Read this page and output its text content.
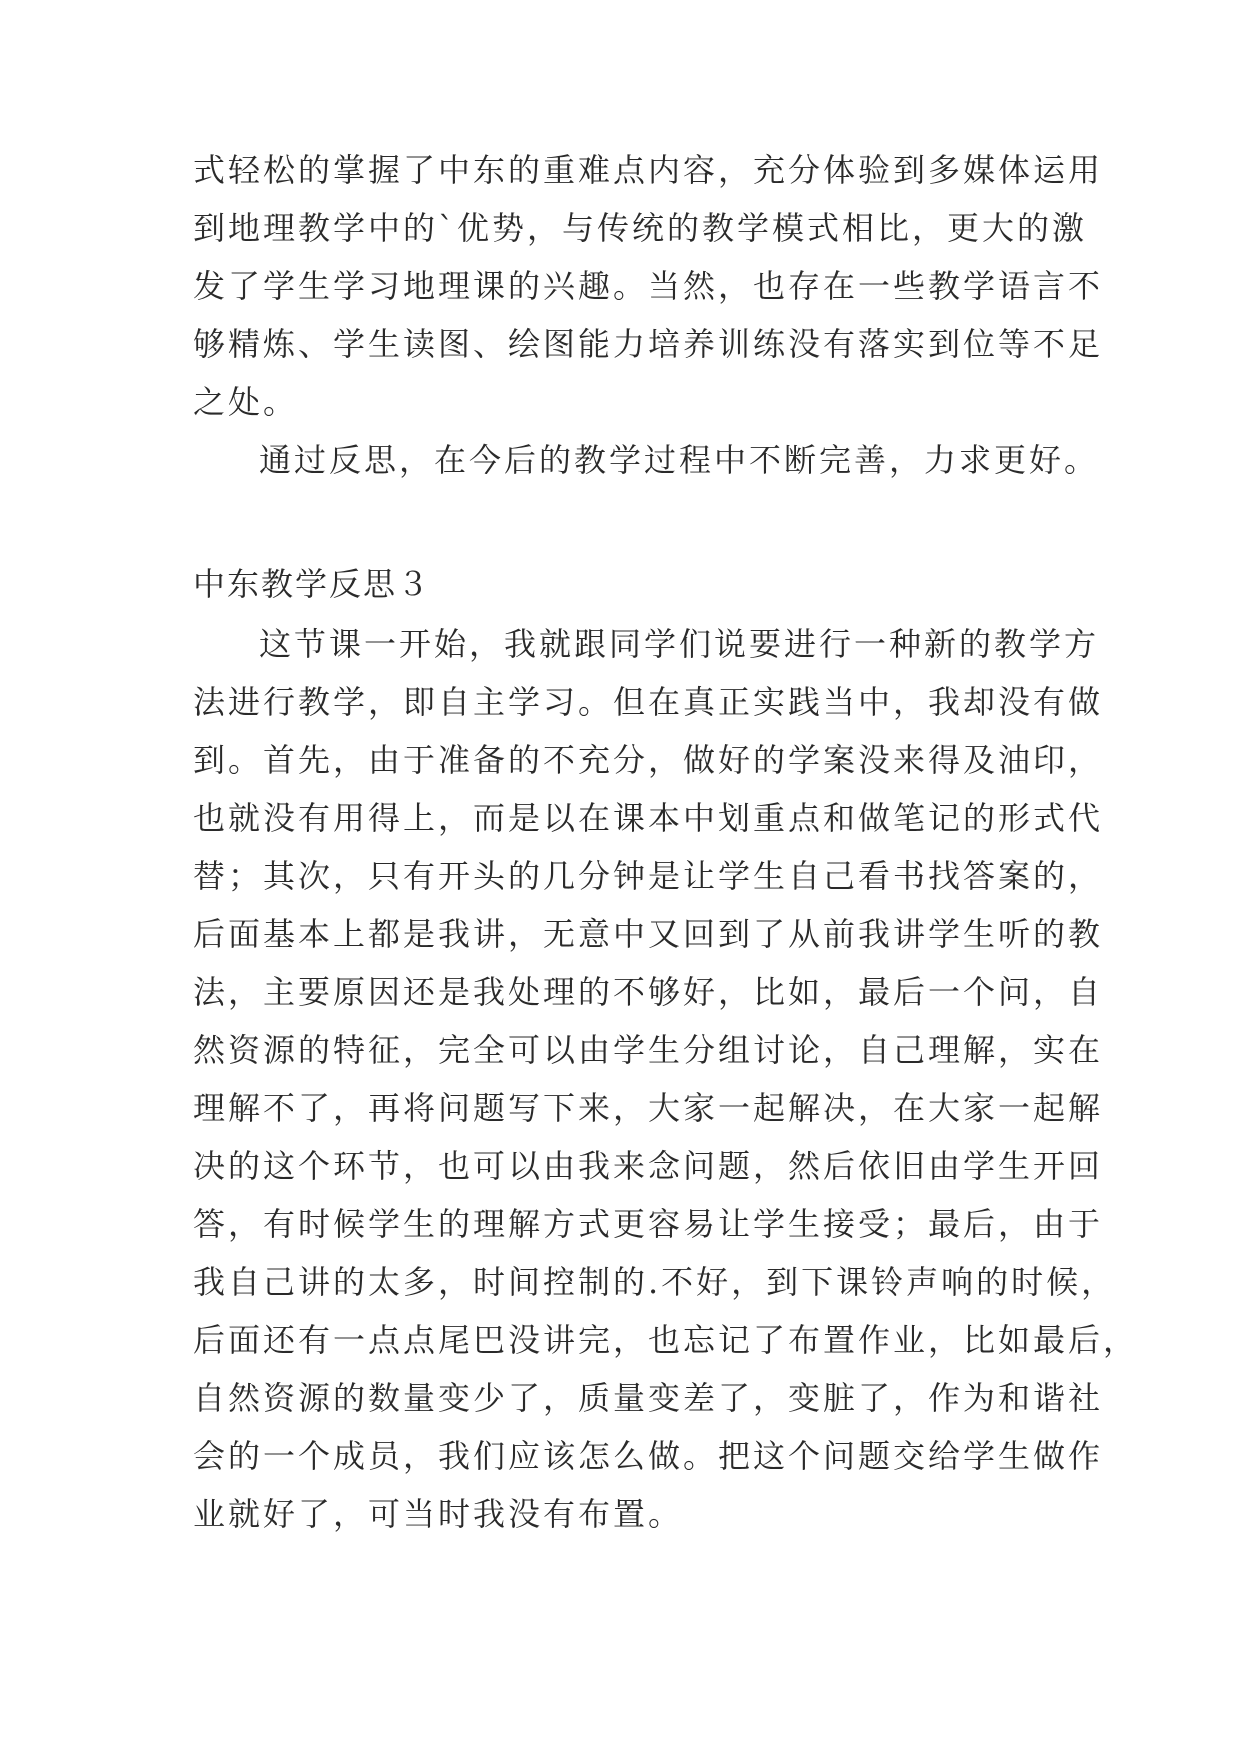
式轻松的掌握了中东的重难点内容，充分体验到多媒体运用
到地理教学中的`优势，与传统的教学模式相比，更大的激
发了学生学习地理课的兴趣。当然，也存在一些教学语言不
够精炼、学生读图、绘图能力培养训练没有落实到位等不足
之处。
通过反思，在今后的教学过程中不断完善，力求更好。
中东教学反思３
这节课一开始，我就跟同学们说要进行一种新的教学方
法进行教学，即自主学习。但在真正实践当中，我却没有做
到。首先，由于准备的不充分，做好的学案没来得及油印，
也就没有用得上，而是以在课本中划重点和做笔记的形式代
替；其次，只有开头的几分钟是让学生自己看书找答案的，
后面基本上都是我讲，无意中又回到了从前我讲学生听的教
法，主要原因还是我处理的不够好，比如，最后一个问，自
然资源的特征，完全可以由学生分组讨论，自己理解，实在
理解不了，再将问题写下来，大家一起解决，在大家一起解
决的这个环节，也可以由我来念问题，然后依旧由学生开回
答，有时候学生的理解方式更容易让学生接受；最后，由于
我自己讲的太多，时间控制的.不好，到下课铃声响的时候，
后面还有一点点尾巴没讲完，也忘记了布置作业，比如最后，
自然资源的数量变少了，质量变差了，变脏了，作为和谐社
会的一个成员，我们应该怎么做。把这个问题交给学生做作
业就好了，可当时我没有布置。
